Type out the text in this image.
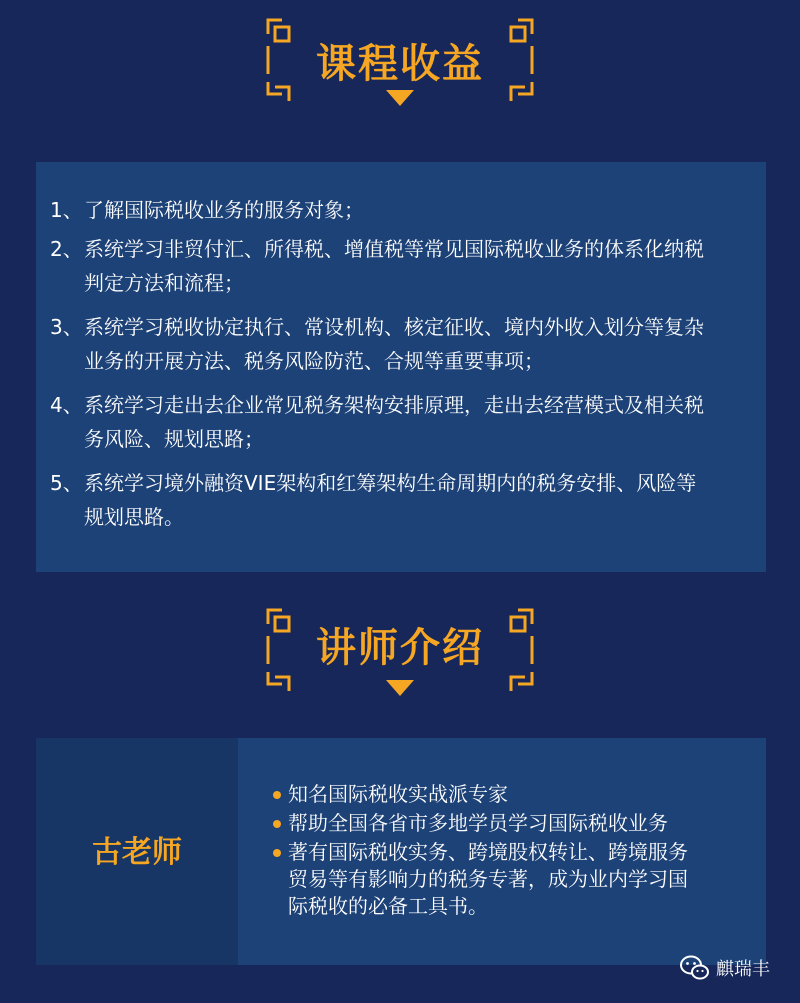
课程收益
1、 了解国际税收业务的服务对象；
2、 系统学习非贸付汇、所得税、增值税等常见国际税收业务的体系化纳税
判定方法和流程；
3、 系统学习税收协定执行、常设机构、核定征收、境内外收入划分等复杂
业务的开展方法、税务风险防范、合规等重要事项；
4、 系统学习走出去企业常见税务架构安排原理，走出去经营模式及相关税
务风险、规划思路；
5、 系统学习境外融资VIE架构和红筹架构生命周期内的税务安排、风险等
规划思路。
讲师介绍
古老师
知名国际税收实战派专家
帮助全国各省市多地学员学习国际税收业务
著有国际税收实务、跨境股权转让、跨境服务
贸易等有影响力的税务专著，成为业内学习国
际税收的必备工具书。
麒瑞丰
